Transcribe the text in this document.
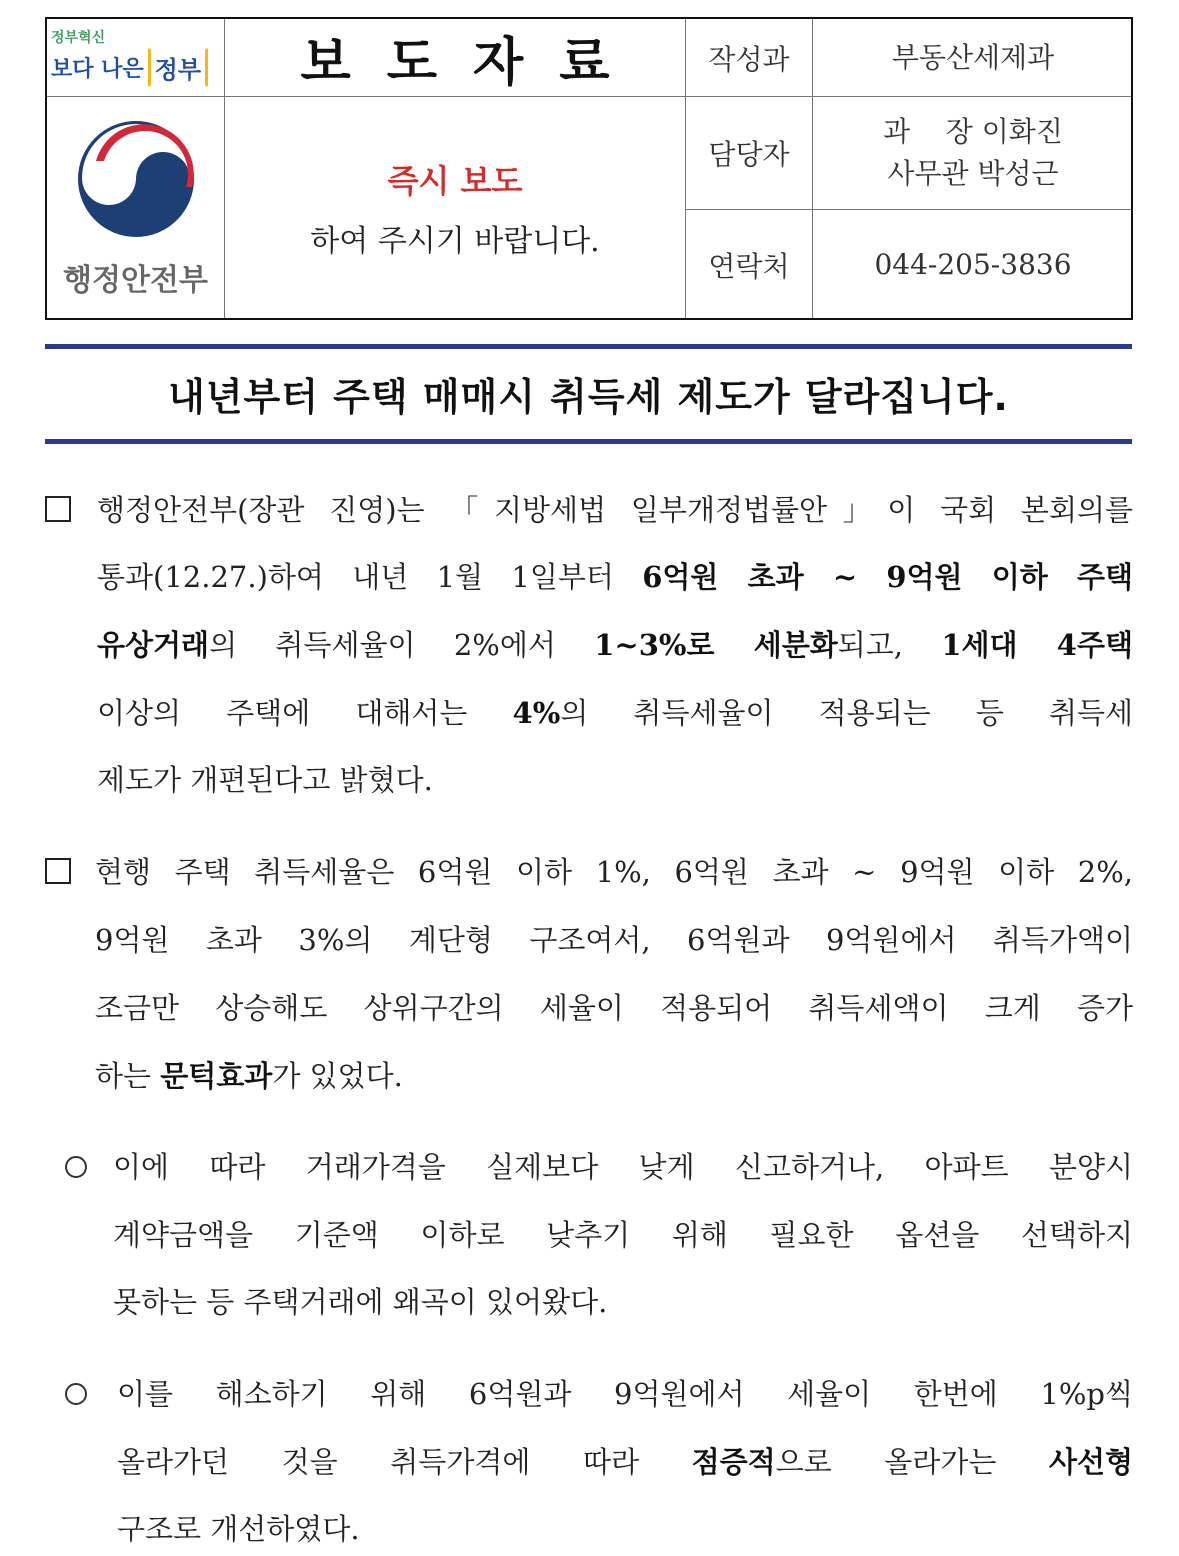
정부혁신
보다 나은 정부 보도자료 작성과	부동산세제과
행정안전부
즉시 보도
하여 주시기 바랍니다.
담당자
과    장 이화진
사무관 박성근
연락처	044-205-3836
내년부터 주택 매매시 취득세 제도가 달라집니다.
행정안전부(장관 진영)는 「지방세법 일부개정법률안」이 국회 본회의를
통과(12.27.)하여 내년 1월 1일부터 6억원 초과 ~ 9억원 이하 주택
유상거래의 취득세율이 2%에서 1~3%로 세분화되고, 1세대 4주택
이상의 주택에 대해서는 4%의 취득세율이 적용되는 등 취득세
제도가 개편된다고 밝혔다.
현행 주택 취득세율은 6억원 이하 1%, 6억원 초과 ~ 9억원 이하 2%,
9억원 초과 3%의 계단형 구조여서, 6억원과 9억원에서 취득가액이
조금만 상승해도 상위구간의 세율이 적용되어 취득세액이 크게 증가
하는 문턱효과가 있었다.
이에 따라 거래가격을 실제보다 낮게 신고하거나, 아파트 분양시
계약금액을 기준액 이하로 낮추기 위해 필요한 옵션을 선택하지
못하는 등 주택거래에 왜곡이 있어왔다.
이를 해소하기 위해 6억원과 9억원에서 세율이 한번에 1%p씩
올라가던 것을 취득가격에 따라 점증적으로 올라가는 사선형
구조로 개선하였다.
